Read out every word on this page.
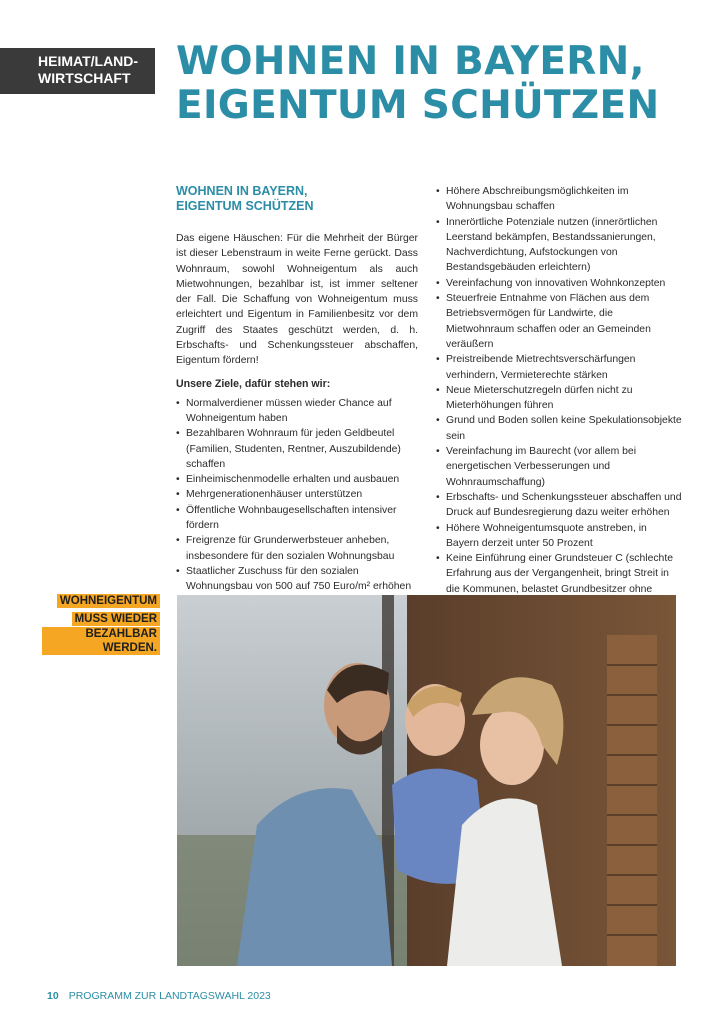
HEIMAT/LAND-
WIRTSCHAFT	WOHNEN IN BAYERN,
EIGENTUM SCHÜTZEN
WOHNEN IN BAYERN,
EIGENTUM SCHÜTZEN

Das eigene Häuschen: Für die Mehrheit der Bürger ist dieser Lebenstraum in weite Ferne gerückt. Dass Wohnraum, sowohl Wohneigentum als auch Mietwohnungen, bezahlbar ist, ist immer seltener der Fall. Die Schaffung von Wohneigentum muss erleichtert und Eigentum in Familienbesitz vor dem Zugriff des Staates geschützt werden, d. h. Erbschafts- und Schenkungssteuer abschaffen, Eigentum fördern!

Unsere Ziele, dafür stehen wir:

• Normalverdiener müssen wieder Chance auf Wohneigentum haben
• Bezahlbaren Wohnraum für jeden Geldbeutel (Familien, Studenten, Rentner, Auszubildende) schaffen
• Einheimischenmodelle erhalten und ausbauen
• Mehrgenerationenhäuser unterstützen
• Öffentliche Wohnbaugesellschaften intensiver fördern
• Freigrenze für Grunderwerbsteuer anheben, insbesondere für den sozialen Wohnungsbau
• Staatlicher Zuschuss für den sozialen Wohnungsbau von 500 auf 750 Euro/m² erhöhen
• Höhere Abschreibungsmöglichkeiten im Wohnungsbau schaffen
• Innerörtliche Potenziale nutzen (innerörtlichen Leerstand bekämpfen, Bestandssanierungen, Nachverdichtung, Aufstockungen von Bestandsgebäuden erleichtern)
• Vereinfachung von innovativen Wohnkonzepten
• Steuerfreie Entnahme von Flächen aus dem Betriebsvermögen für Landwirte, die Mietwohnraum schaffen oder an Gemeinden veräußern
• Preistreibende Mietrechtsverschärfungen verhindern, Vermieterechte stärken
• Neue Mieterschutzregeln dürfen nicht zu Mieterhöhungen führen
• Grund und Boden sollen keine Spekulationsobjekte sein
• Vereinfachung im Baurecht (vor allem bei energetischen Verbesserungen und Wohnraumschaffung)
• Erbschafts- und Schenkungssteuer abschaffen und Druck auf Bundesregierung dazu weiter erhöhen
• Höhere Wohneigentumsquote anstreben, in Bayern derzeit unter 50 Prozent
• Keine Einführung einer Grundsteuer C (schlechte Erfahrung aus der Vergangenheit, bringt Streit in die Kommunen, belastet Grundbesitzer ohne
WOHNEIGENTUM
MUSS WIEDER
BEZAHLBAR WERDEN.
10 PROGRAMM ZUR LANDTAGSWAHL 2023
